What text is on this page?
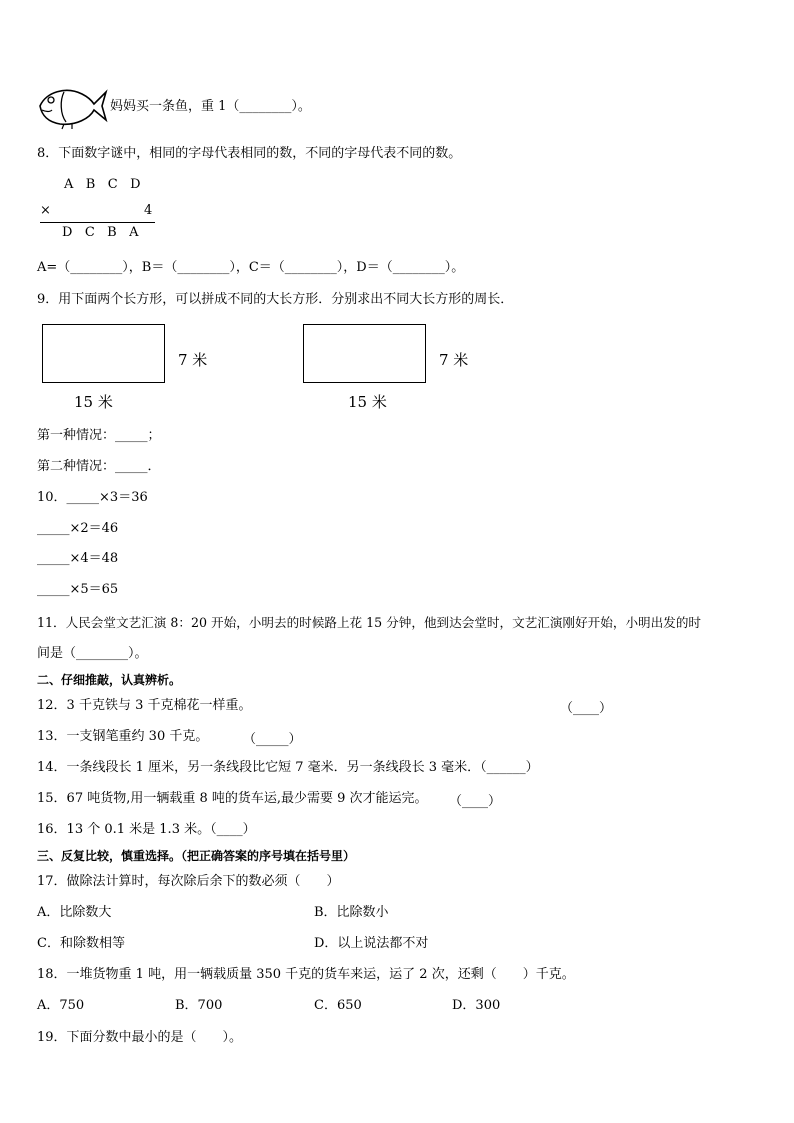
妈妈买一条鱼，重 1（________）。
8．下面数字谜中，相同的字母代表相同的数，不同的字母代表不同的数。
A   B   C   D
×	4
D   C   B   A
A=（________），B＝（________），C＝（________），D＝（________）。
9．用下面两个长方形，可以拼成不同的大长方形．分别求出不同大长方形的周长．
7 米
15 米
7 米
15 米
第一种情况：_____；
第二种情况：_____．
10．_____×3＝36
_____×2＝46
_____×4＝48
_____×5＝65
11．人民会堂文艺汇演 8：20 开始，小明去的时候路上花 15 分钟，他到达会堂时，文艺汇演刚好开始，小明出发的时
间是（________）。
二、仔细推敲，认真辨析。
12．3 千克铁与 3 千克棉花一样重。	（____）
13．一支钢笔重约 30 千克。	（_____）
14．一条线段长 1 厘米，另一条线段比它短 7 毫米．另一条线段长 3 毫米．（______）
15．67 吨货物,用一辆载重 8 吨的货车运,最少需要 9 次才能运完。 （____）
16．13 个 0.1 米是 1.3 米。（____）
三、反复比较，慎重选择。（把正确答案的序号填在括号里）
17．做除法计算时，每次除后余下的数必须（　　）
A．比除数大	B．比除数小
C．和除数相等	D．以上说法都不对
18．一堆货物重 1 吨，用一辆载质量 350 千克的货车来运，运了 2 次，还剩（　　）千克。
A．750	B．700	C．650	D．300
19．下面分数中最小的是（　　）。
